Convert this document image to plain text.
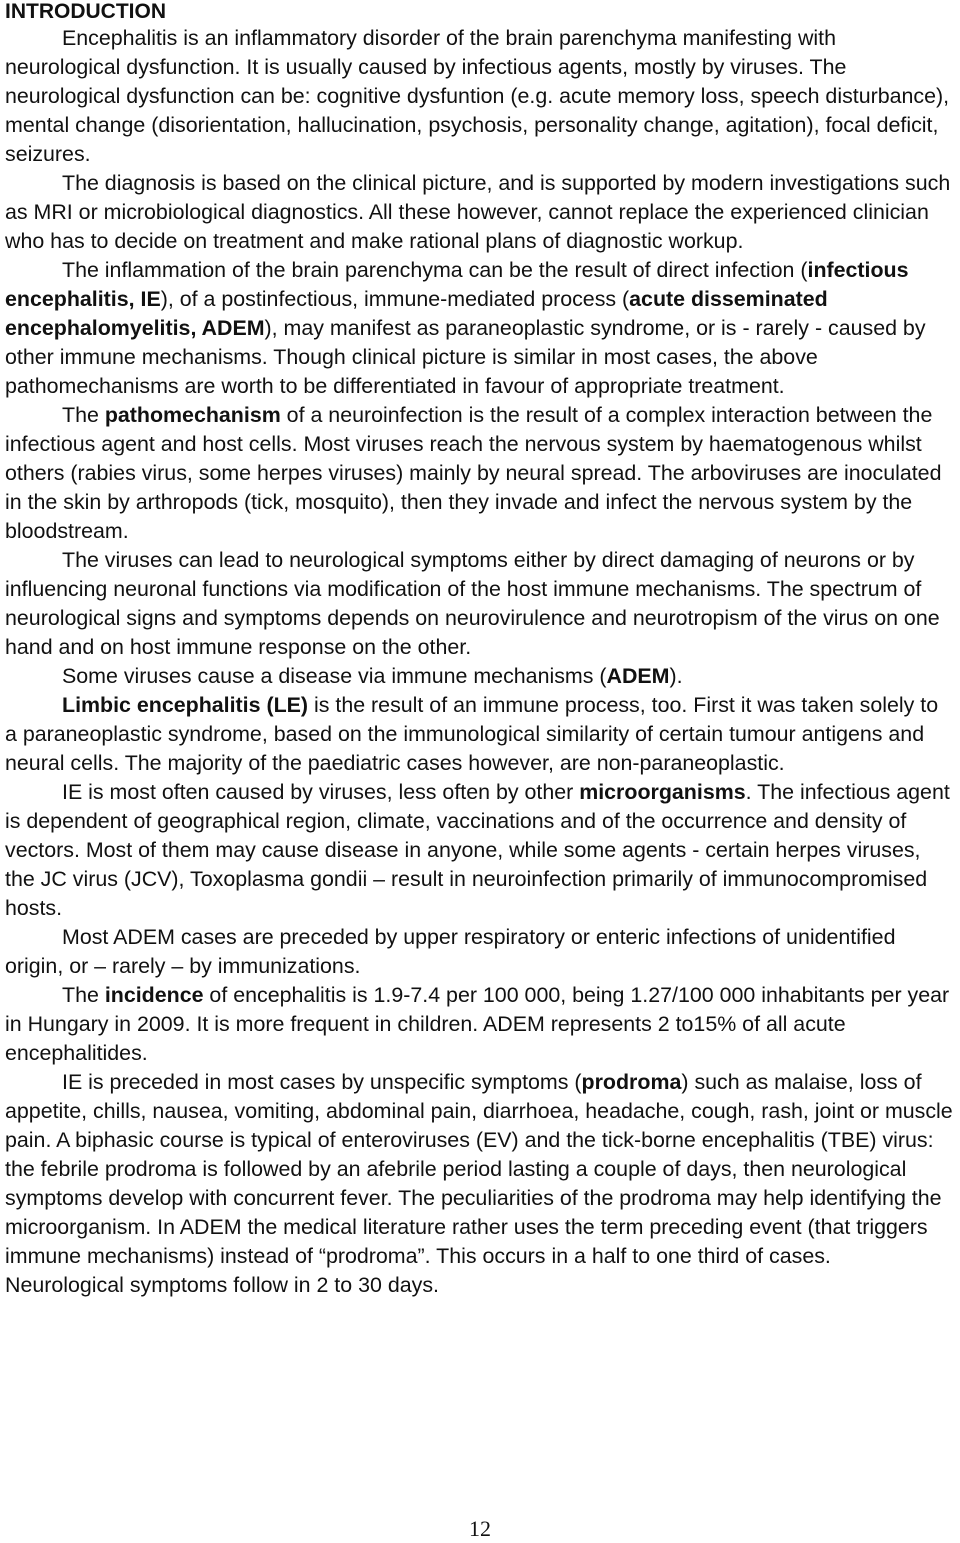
INTRODUCTION

Encephalitis is an inflammatory disorder of the brain parenchyma manifesting with neurological dysfunction. It is usually caused by infectious agents, mostly by viruses. The neurological dysfunction can be: cognitive dysfuntion (e.g. acute memory loss, speech disturbance), mental change (disorientation, hallucination, psychosis, personality change, agitation), focal deficit, seizures.

The diagnosis is based on the clinical picture, and is supported by modern investigations such as MRI or microbiological diagnostics. All these however, cannot replace the experienced clinician who has to decide on treatment and make rational plans of diagnostic workup.

The inflammation of the brain parenchyma can be the result of direct infection (infectious encephalitis, IE), of a postinfectious, immune-mediated process (acute disseminated encephalomyelitis, ADEM), may manifest as paraneoplastic syndrome, or is - rarely - caused by other immune mechanisms. Though clinical picture is similar in most cases, the above pathomechanisms are worth to be differentiated in favour of appropriate treatment.

The pathomechanism of a neuroinfection is the result of a complex interaction between the infectious agent and host cells. Most viruses reach the nervous system by haematogenous whilst others (rabies virus, some herpes viruses) mainly by neural spread. The arboviruses are inoculated in the skin by arthropods (tick, mosquito), then they invade and infect the nervous system by the bloodstream.

The viruses can lead to neurological symptoms either by direct damaging of neurons or by influencing neuronal functions via modification of the host immune mechanisms. The spectrum of neurological signs and symptoms depends on neurovirulence and neurotropism of the virus on one hand and on host immune response on the other.

Some viruses cause a disease via immune mechanisms (ADEM).

Limbic encephalitis (LE) is the result of an immune process, too. First it was taken solely to a paraneoplastic syndrome, based on the immunological similarity of certain tumour antigens and neural cells. The majority of the paediatric cases however, are non-paraneoplastic.

IE is most often caused by viruses, less often by other microorganisms. The infectious agent is dependent of geographical region, climate, vaccinations and of the occurrence and density of vectors. Most of them may cause disease in anyone, while some agents - certain herpes viruses, the JC virus (JCV), Toxoplasma gondii – result in neuroinfection primarily of immunocompromised hosts.

Most ADEM cases are preceded by upper respiratory or enteric infections of unidentified origin, or – rarely – by immunizations.

The incidence of encephalitis is 1.9-7.4 per 100 000, being 1.27/100 000 inhabitants per year in Hungary in 2009. It is more frequent in children. ADEM represents 2 to15% of all acute encephalitides.

IE is preceded in most cases by unspecific symptoms (prodroma) such as malaise, loss of appetite, chills, nausea, vomiting, abdominal pain, diarrhoea, headache, cough, rash, joint or muscle pain. A biphasic course is typical of enteroviruses (EV) and the tick-borne encephalitis (TBE) virus: the febrile prodroma is followed by an afebrile period lasting a couple of days, then neurological symptoms develop with concurrent fever. The peculiarities of the prodroma may help identifying the microorganism. In ADEM the medical literature rather uses the term preceding event (that triggers immune mechanisms) instead of “prodroma”. This occurs in a half to one third of cases. Neurological symptoms follow in 2 to 30 days.

12
